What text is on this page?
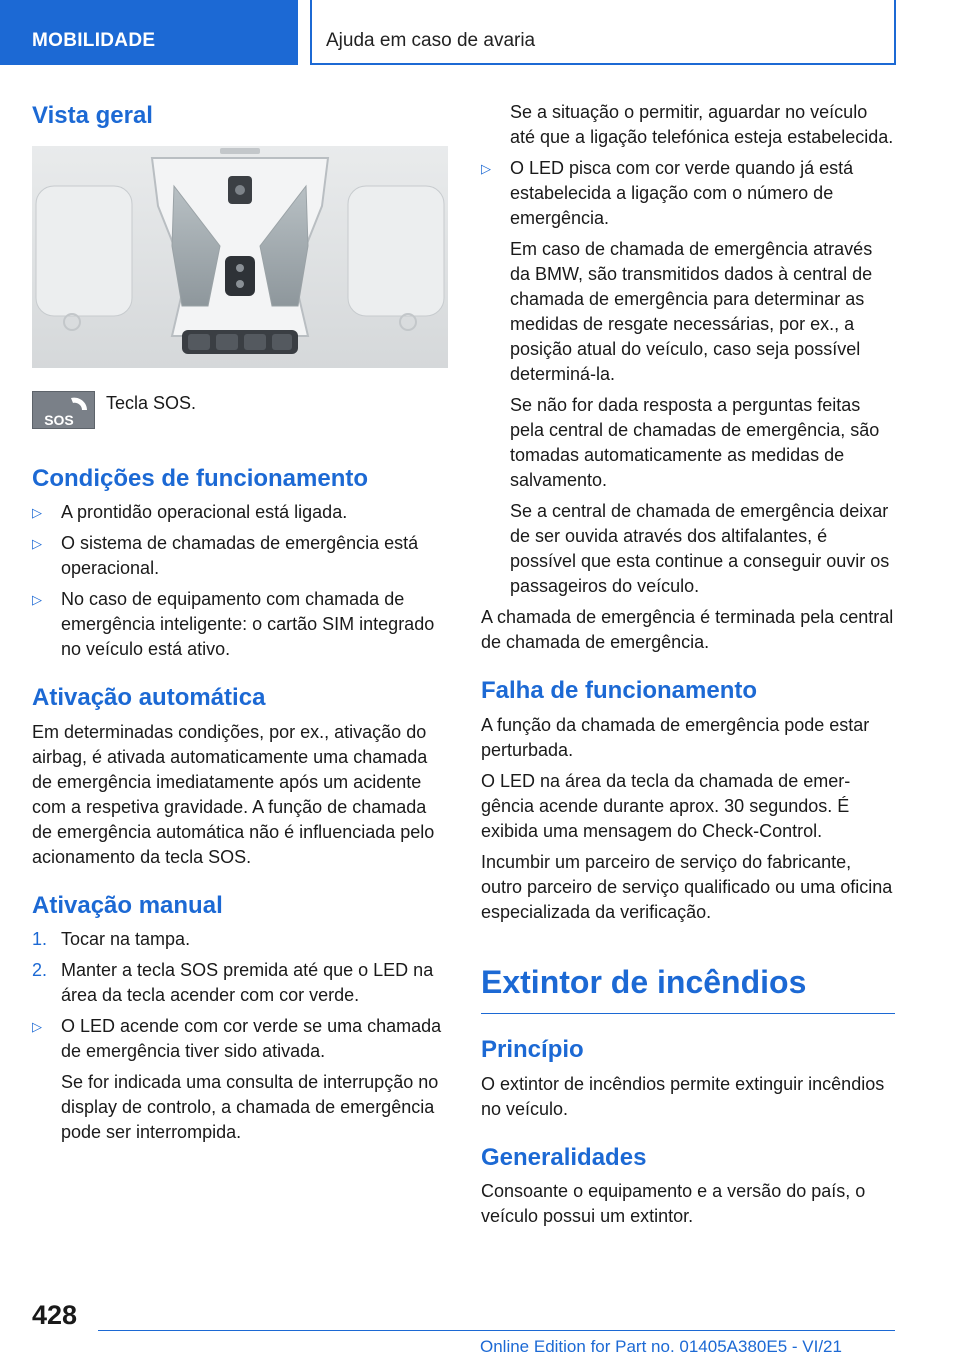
MOBILIDADE	Ajuda em caso de avaria
Vista geral
SOS

Tecla SOS.

Condições de funcionamento
▷ A prontidão operacional está ligada.
▷ O sistema de chamadas de emergência está operacional.
▷ No caso de equipamento com chamada de emergência inteligente: o cartão SIM integrado no veículo está ativo.
Ativação automática

Em determinadas condições, por ex., ativação do airbag, é ativada automaticamente uma chamada de emergência imediatamente após um acidente com a respetiva gravidade. A função de chamada de emergência automática não é influenciada pelo acionamento da tecla SOS.

Ativação manual
1. Tocar na tampa.
2. Manter a tecla SOS premida até que o LED na área da tecla acender com cor verde.
▷ O LED acende com cor verde se uma chamada de emergência tiver sido ativada.

Se for indicada uma consulta de interrupção no display de controlo, a chamada de emergência pode ser interrompida.

Se a situação o permitir, aguardar no veículo até que a ligação telefónica esteja estabelecida.

▷ O LED pisca com cor verde quando já está estabelecida a ligação com o número de emergência.

Em caso de chamada de emergência através da BMW, são transmitidos dados à central de chamada de emergência para determinar as medidas de resgate necessárias, por ex., a posição atual do veículo, caso seja possível determiná-la.

Se não for dada resposta a perguntas feitas pela central de chamadas de emergência, são tomadas automaticamente as medidas de salvamento.

Se a central de chamada de emergência deixar de ser ouvida através dos altifalantes, é possível que esta continue a conseguir ouvir os passageiros do veículo.

A chamada de emergência é terminada pela central de chamada de emergência.

Falha de funcionamento

A função da chamada de emergência pode estar perturbada.

O LED na área da tecla da chamada de emergência acende durante aprox. 30 segundos. É exibida uma mensagem do Check-Control.

Incumbir um parceiro de serviço do fabricante, outro parceiro de serviço qualificado ou uma oficina especializada da verificação.

Extintor de incêndios
Princípio

O extintor de incêndios permite extinguir incêndios no veículo.

Generalidades

Consoante o equipamento e a versão do país, o veículo possui um extintor.

428
Online Edition for Part no. 01405A380E5 - VI/21
